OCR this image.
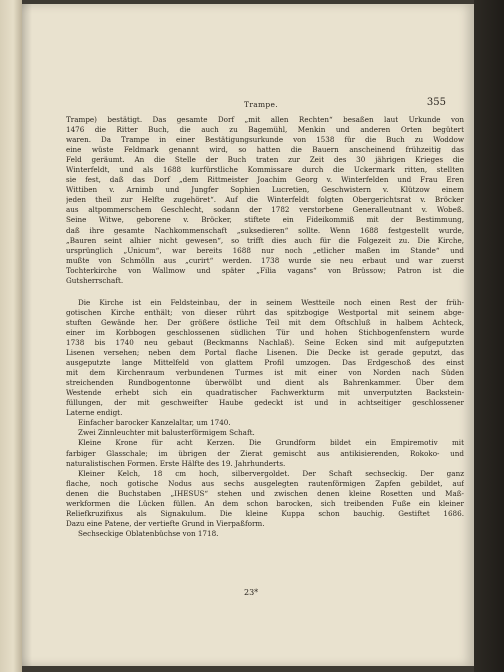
Trampe.	355
Trampe) bestätigt. Das gesamte Dorf „mit allen Rechten“ besaßen laut Urkunde von
1476 die Ritter Buch, die auch zu Bagemühl, Menkin und anderen Orten begütert
waren. Da Trampe in einer Bestätigungsurkunde von 1538 für die Buch zu Woddow
eine wüste Feldmark genannt wird, so hatten die Bauern anscheinend frühzeitig das
Feld geräumt. An die Stelle der Buch traten zur Zeit des 30 jährigen Krieges die
Winterfeldt, und als 1688 kurfürstliche Kommissare durch die Uckermark ritten, stellten
sie fest, daß das Dorf „dem Rittmeister Joachim Georg v. Winterfelden und Frau Eren
Wittiben v. Arnimb und Jungfer Sophien Lucretien, Geschwistern v. Klützow einem
jeden theil zur Helfte zugehöret“. Auf die Winterfeldt folgten Obergerichtsrat v. Bröcker
aus altpommerschem Geschlecht, sodann der 1782 verstorbene Generalleutnant v. Wobeß.
Seine Witwe, geborene v. Bröcker, stiftete ein Fideikommiß mit der Bestimmung,
daß ihre gesamte Nachkommenschaft „suksedieren“ sollte. Wenn 1688 festgestellt wurde,
„Bauren seint alhier nicht gewesen“, so trifft dies auch für die Folgezeit zu. Die Kirche,
ursprünglich „Unicum“, war bereits 1688 nur noch „etlicher maßen im Stande“ und
mußte von Schmölln aus „curirt“ werden. 1738 wurde sie neu erbaut und war zuerst
Tochterkirche von Wallmow und später „Filia vagans“ von Brüssow; Patron ist die
Gutsherrschaft.
Die Kirche ist ein Feldsteinbau, der in seinem Westteile noch einen Rest der früh-
gotischen Kirche enthält; von dieser rührt das spitzbogige Westportal mit seinem abge-
stuften Gewände her. Der größere östliche Teil mit dem Oftschluß in halbem Achteck,
einer im Korbbogen geschlossenen südlichen Tür und hohen Stichbogenfenstern wurde
1738 bis 1740 neu gebaut (Beckmanns Nachlaß). Seine Ecken sind mit aufgeputzten
Lisenen versehen; neben dem Portal flache Lisenen. Die Decke ist gerade geputzt, das
ausgeputzte lange Mittelfeld von glattem Profil umzogen. Das Erdgeschoß des einst
mit dem Kirchenraum verbundenen Turmes ist mit einer von Norden nach Süden
streichenden Rundbogentonne überwölbt und dient als Bahrenkammer. Über dem
Westende erhebt sich ein quadratischer Fachwerkturm mit unverputzten Backstein-
füllungen, der mit geschweifter Haube gedeckt ist und in achtseitiger geschlossener
Laterne endigt.
Einfacher barocker Kanzelaltar, um 1740.
Zwei Zinnleuchter mit balusterförmigem Schaft.
Kleine Krone für acht Kerzen. Die Grundform bildet ein Empiremotiv mit
farbiger Glasschale; im übrigen der Zierat gemischt aus antikisierenden, Rokoko- und
naturalistischen Formen. Erste Hälfte des 19. Jahrhunderts.
Kleiner Kelch, 18 cm hoch, silbervergoldet. Der Schaft sechseckig. Der ganz
flache, noch gotische Nodus aus sechs ausgelegten rautenförmigen Zapfen gebildet, auf
denen die Buchstaben „IHESUS“ stehen und zwischen denen kleine Rosetten und Maß-
werkformen die Lücken füllen. An dem schon barocken, sich treibenden Fuße ein kleiner
Reliefkruzifixus als Signakulum. Die kleine Kuppa schon bauchig. Gestiftet 1686.
Dazu eine Patene, der vertiefte Grund in Vierpaßform.
Sechseckige Oblatenbüchse von 1718.
23*
